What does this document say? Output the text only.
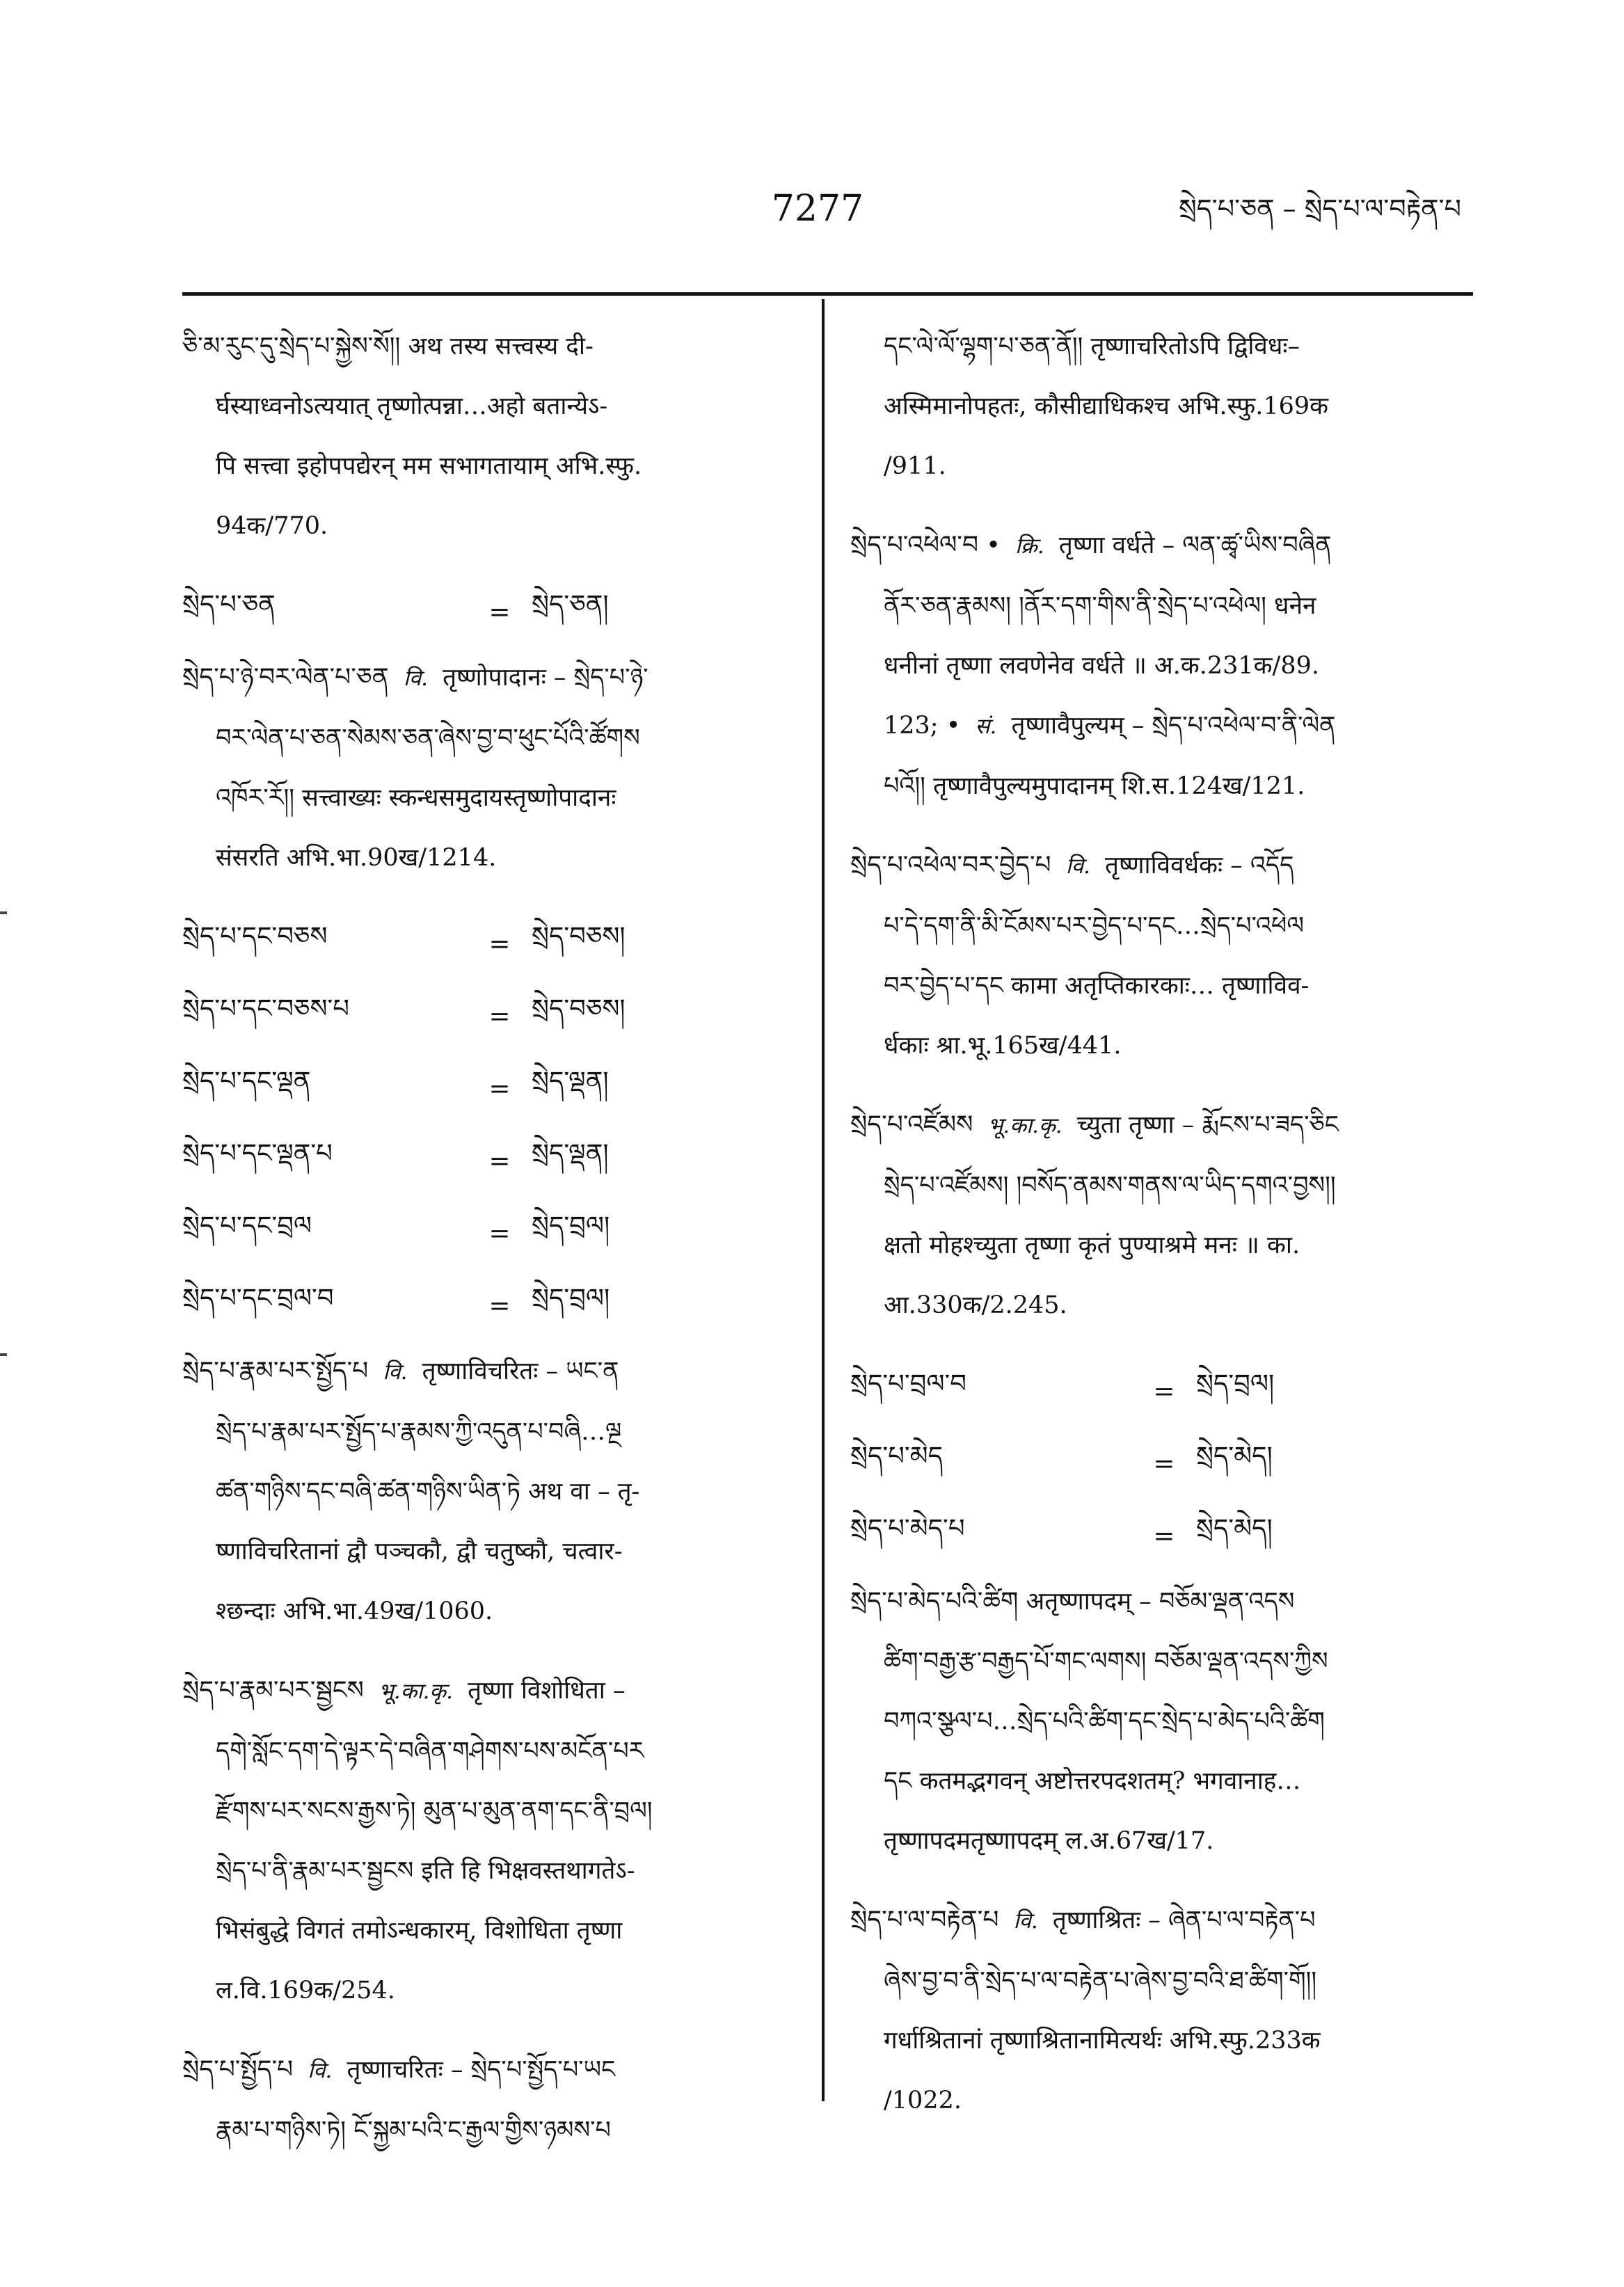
7277	སྲེད་པ་ཅན – སྲེད་པ་ལ་བརྟེན་པ
ཅི་མ་རུང་དུ་སྲེད་པ་སྐྱེས་སོ།། अथ तस्य सत्त्वस्य दी-
र्घस्याध्वनोऽत्ययात् तृष्णोत्पन्ना…अहो बतान्येऽ-
पि सत्त्वा इहोपपद्येरन् मम सभागतायाम् अभि.स्फु.
94क/770.
སྲེད་པ་ཅན	= སྲེད་ཅན།
སྲེད་པ་ཉེ་བར་ལེན་པ་ཅན वि. तृष्णोपादानः – སྲེད་པ་ཉེ་
བར་ལེན་པ་ཅན་སེམས་ཅན་ཞེས་བྱ་བ་ཕུང་པོའི་ཚོགས
འཁོར་རོ།། सत्त्वाख्यः स्कन्धसमुदायस्तृष्णोपादानः
संसरति अभि.भा.90ख/1214.
སྲེད་པ་དང་བཅས	= སྲེད་བཅས།
སྲེད་པ་དང་བཅས་པ	= སྲེད་བཅས།
སྲེད་པ་དང་ལྡན	= སྲེད་ལྡན།
སྲེད་པ་དང་ལྡན་པ	= སྲེད་ལྡན།
སྲེད་པ་དང་བྲལ	= སྲེད་བྲལ།
སྲེད་པ་དང་བྲལ་བ	= སྲེད་བྲལ།
སྲེད་པ་རྣམ་པར་སྤྱོད་པ वि. तृष्णाविचरितः – ཡང་ན
སྲེད་པ་རྣམ་པར་སྤྱོད་པ་རྣམས་ཀྱི་འདུན་པ་བཞི…ལྔ
ཚན་གཉིས་དང་བཞི་ཚན་གཉིས་ཡིན་ཏེ अथ वा – तृ-
ष्णाविचरितानां द्वौ पञ्चकौ, द्वौ चतुष्कौ, चत्वार-
श्छन्दाः अभि.भा.49ख/1060.
སྲེད་པ་རྣམ་པར་སྦྱངས भू.का.कृ. तृष्णा विशोधिता –
དགེ་སློང་དག་དེ་ལྟར་དེ་བཞིན་གཤེགས་པས་མངོན་པར
རྫོགས་པར་སངས་རྒྱས་ཏེ། མུན་པ་མུན་ནག་དང་ནི་བྲལ།
སྲེད་པ་ནི་རྣམ་པར་སྦྱངས इति हि भिक्षवस्तथागतेऽ-
भिसंबुद्धे विगतं तमोऽन्धकारम्, विशोधिता तृष्णा
ल.वि.169क/254.
སྲེད་པ་སྤྱོད་པ वि. तृष्णाचरितः – སྲེད་པ་སྤྱོད་པ་ཡང
རྣམ་པ་གཉིས་ཏེ། ངོ་སྐྱམ་པའི་ང་རྒྱལ་གྱིས་ཉམས་པ
དང་ལེ་ལོ་ལྷག་པ་ཅན་ནོ།། तृष्णाचरितोऽपि द्विविधः–
अस्मिमानोपहतः, कौसीद्याधिकश्च अभि.स्फु.169क
/911.
སྲེད་པ་འཕེལ་བ • क्रि. तृष्णा वर्धते – ལན་ཚྭ་ཡིས་བཞིན
ནོར་ཅན་རྣམས། །ནོར་དག་གིས་ནི་སྲེད་པ་འཕེལ། धनेन
धनीनां तृष्णा लवणेनेव वर्धते ॥ अ.क.231क/89.
123; • सं. तृष्णावैपुल्यम् – སྲེད་པ་འཕེལ་བ་ནི་ལེན
པའོ།། तृष्णावैपुल्यमुपादानम् शि.स.124ख/121.
སྲེད་པ་འཕེལ་བར་བྱེད་པ वि. तृष्णाविवर्धकः – འདོད
པ་དེ་དག་ནི་མི་ངོམས་པར་བྱེད་པ་དང…སྲེད་པ་འཕེལ
བར་བྱེད་པ་དང कामा अतृप्तिकारकाः… तृष्णाविव-
र्धकाः श्रा.भू.165ख/441.
སྲེད་པ་འཛོམས भू.का.कृ. च्युता तृष्णा – རྨོངས་པ་ཟད་ཅིང
སྲེད་པ་འཛོམས། །བསོད་ནམས་གནས་ལ་ཡིད་དགའ་བྱས།།
क्षतो मोहश्च्युता तृष्णा कृतं पुण्याश्रमे मनः ॥ का.
आ.330क/2.245.
སྲེད་པ་བྲལ་བ	= སྲེད་བྲལ།
སྲེད་པ་མེད	= སྲེད་མེད།
སྲེད་པ་མེད་པ	= སྲེད་མེད།
སྲེད་པ་མེད་པའི་ཚིག अतृष्णापदम् – བཅོམ་ལྡན་འདས
ཚིག་བརྒྱ་རྩ་བརྒྱད་པོ་གང་ལགས། བཅོམ་ལྡན་འདས་ཀྱིས
བཀའ་སྩལ་པ…སྲེད་པའི་ཚིག་དང་སྲེད་པ་མེད་པའི་ཚིག
དང कतमद्भगवन् अष्टोत्तरपदशतम्? भगवानाह…
तृष्णापदमतृष्णापदम् ल.अ.67ख/17.
སྲེད་པ་ལ་བརྟེན་པ वि. तृष्णाश्रितः – ཞེན་པ་ལ་བརྟེན་པ
ཞེས་བྱ་བ་ནི་སྲེད་པ་ལ་བརྟེན་པ་ཞེས་བྱ་བའི་ཐ་ཚིག་གོ།།
गर्धाश्रितानां तृष्णाश्रितानामित्यर्थः अभि.स्फु.233क
/1022.
